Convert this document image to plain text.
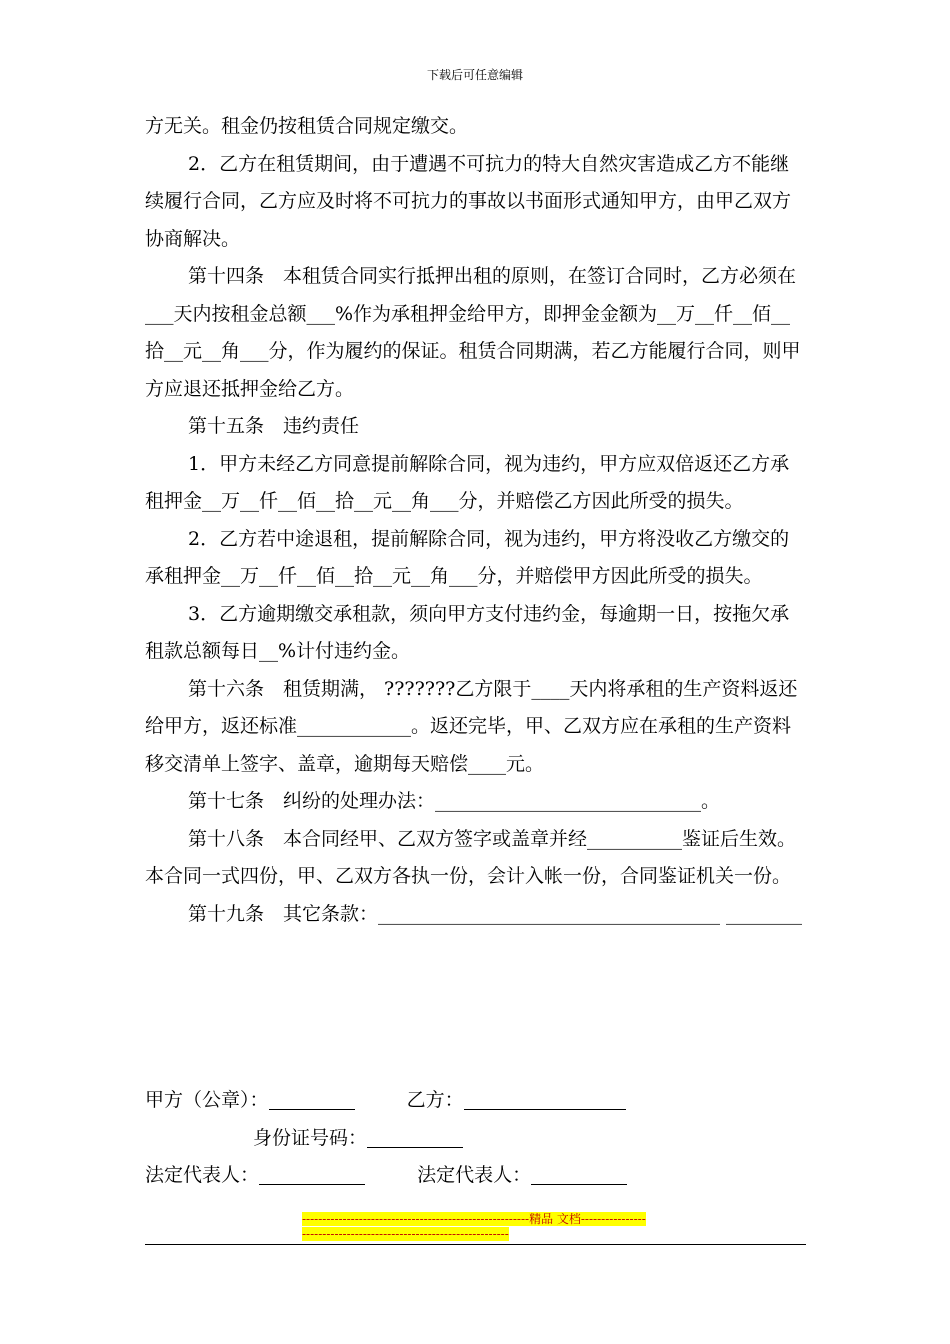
下载后可任意编辑

方无关。租金仍按租赁合同规定缴交。

2．乙方在租赁期间，由于遭遇不可抗力的特大自然灾害造成乙方不能继续履行合同，乙方应及时将不可抗力的事故以书面形式通知甲方，由甲乙双方协商解决。

第十四条　本租赁合同实行抵押出租的原则，在签订合同时，乙方必须在___天内按租金总额___%作为承租押金给甲方，即押金金额为__万__仟__佰__拾__元__角___分，作为履约的保证。租赁合同期满，若乙方能履行合同，则甲方应退还抵押金给乙方。

第十五条　违约责任

1．甲方未经乙方同意提前解除合同，视为违约，甲方应双倍返还乙方承租押金__万__仟__佰__拾__元__角___分，并赔偿乙方因此所受的损失。

2．乙方若中途退租，提前解除合同，视为违约，甲方将没收乙方缴交的承租押金__万__仟__佰__拾__元__角___分，并赔偿甲方因此所受的损失。

3．乙方逾期缴交承租款，须向甲方支付违约金，每逾期一日，按拖欠承租款总额每日__%计付违约金。

第十六条　租赁期满， ???????乙方限于____天内将承租的生产资料返还给甲方，返还标准____________。返还完毕，甲、乙双方应在承租的生产资料移交清单上签字、盖章，逾期每天赔偿____元。

第十七条　纠纷的处理办法：____________________________。

第十八条　本合同经甲、乙双方签字或盖章并经__________鉴证后生效。本合同一式四份，甲、乙双方各执一份，会计入帐一份，合同鉴证机关一份。

第十九条　其它条款：____________________________________ ________

甲方（公章）：	乙方：
身份证号码：
法定代表人：	法定代表人：
--------------------------------------------------------精品 文档-------------------------------------------------------------------
